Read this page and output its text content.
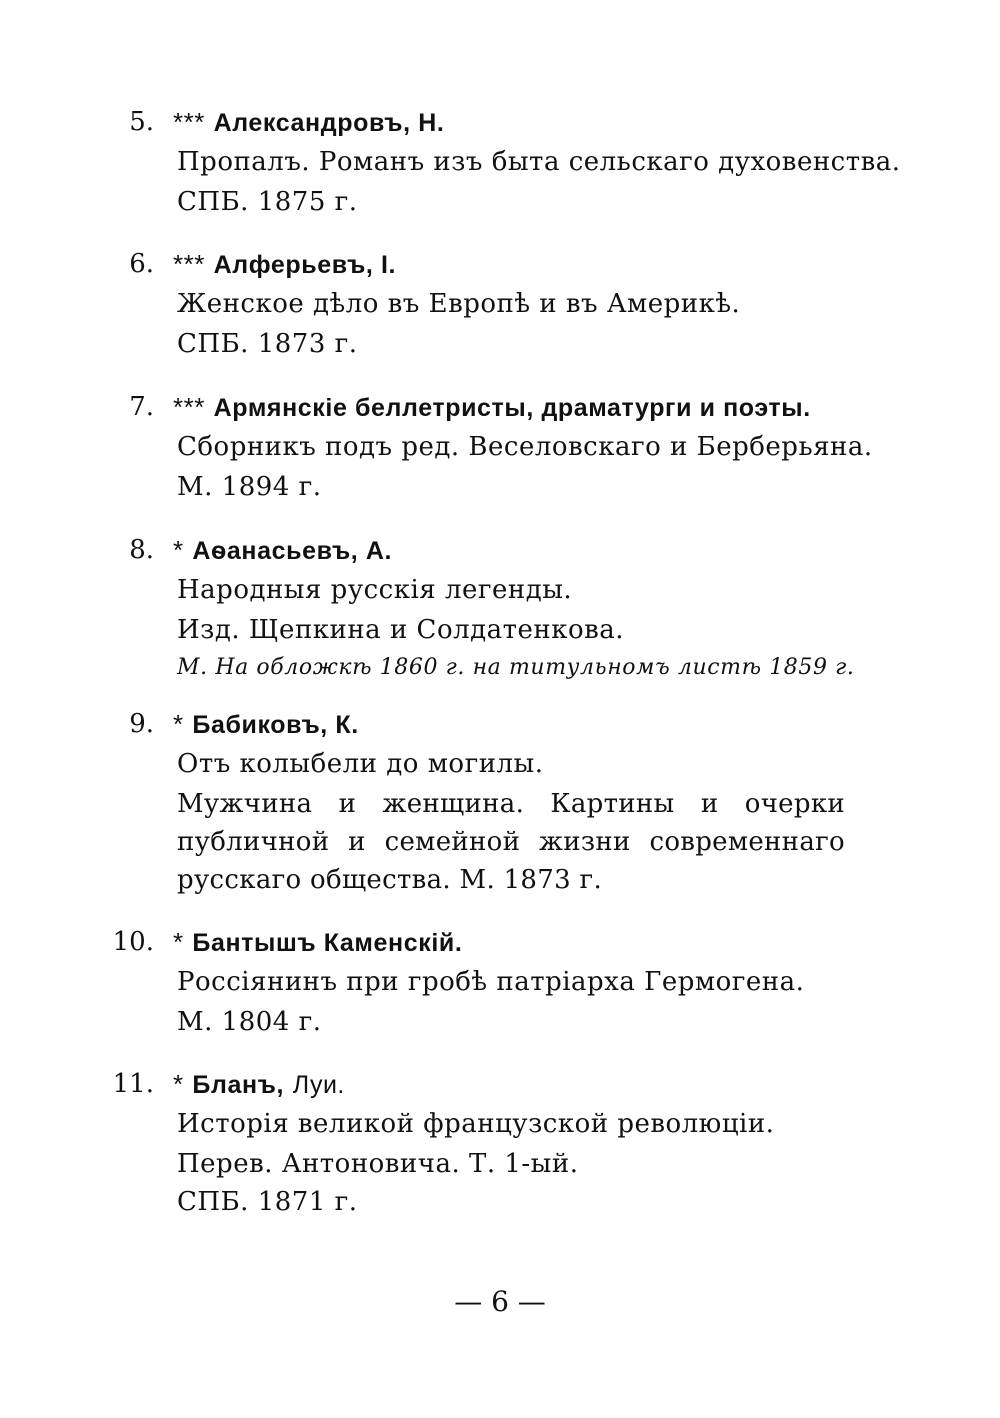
5. *** Александровъ, Н.
Пропалъ. Романъ изъ быта сельскаго духовенства.
СПБ. 1875 г.
6. *** Алферьевъ, І.
Женское дѣло въ Европѣ и въ Америкѣ.
СПБ. 1873 г.
7. *** Армянскіе беллетристы, драматурги и поэты.
Сборникъ подъ ред. Веселовскаго и Берберьяна.
М. 1894 г.
8. * Аѳанасьевъ, А.
Народныя русскія легенды.
Изд. Щепкина и Солдатенкова.
М. На обложкѣ 1860 г. на титульномъ листѣ 1859 г.
9. * Бабиковъ, К.
Отъ колыбели до могилы.
Мужчина и женщина. Картины и очерки публичной и семейной жизни современнаго русскаго общества. М. 1873 г.
10. * Бантышъ Каменскій.
Россіянинъ при гробѣ патріарха Гермогена.
М. 1804 г.
11. * Бланъ, Луи.
Исторія великой французской революціи.
Перев. Антоновича. Т. 1-ый.
СПБ. 1871 г.
— 6 —
